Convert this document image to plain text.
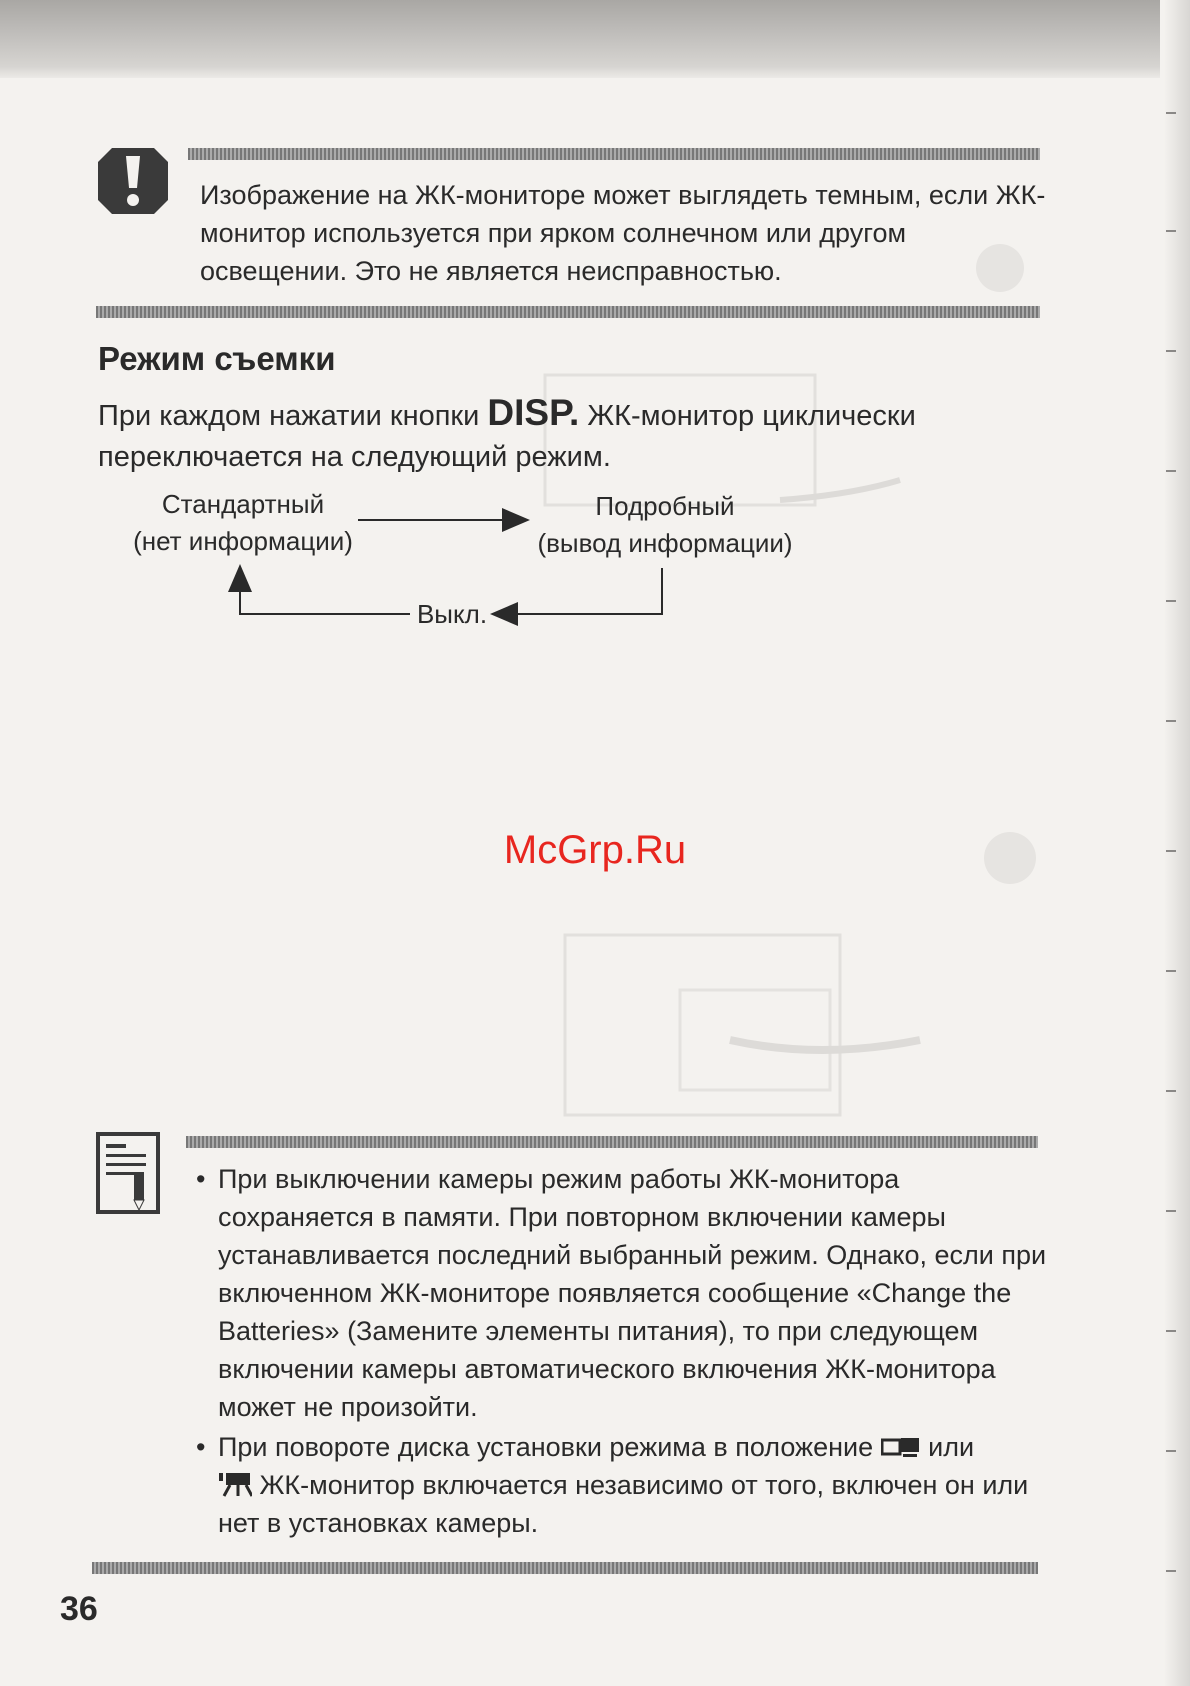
Изображение на ЖК-мониторе может выглядеть темным, если ЖК-монитор используется при ярком солнечном или другом освещении. Это не является неисправностью.
Режим съемки
При каждом нажатии кнопки DISP. ЖК-монитор циклически переключается на следующий режим.
Стандартный
(нет информации)
Подробный
(вывод информации)
Выкл.
McGrp.Ru
• При выключении камеры режим работы ЖК-монитора сохраняется в памяти. При повторном включении камеры устанавливается последний выбранный режим. Однако, если при включенном ЖК-мониторе появляется сообщение «Change the Batteries» (Замените элементы питания), то при следующем включении камеры автоматического включения ЖК-монитора может не произойти.
• При повороте диска установки режима в положение  или
ЖК-монитор включается независимо от того, включен он или нет в установках камеры.
36
